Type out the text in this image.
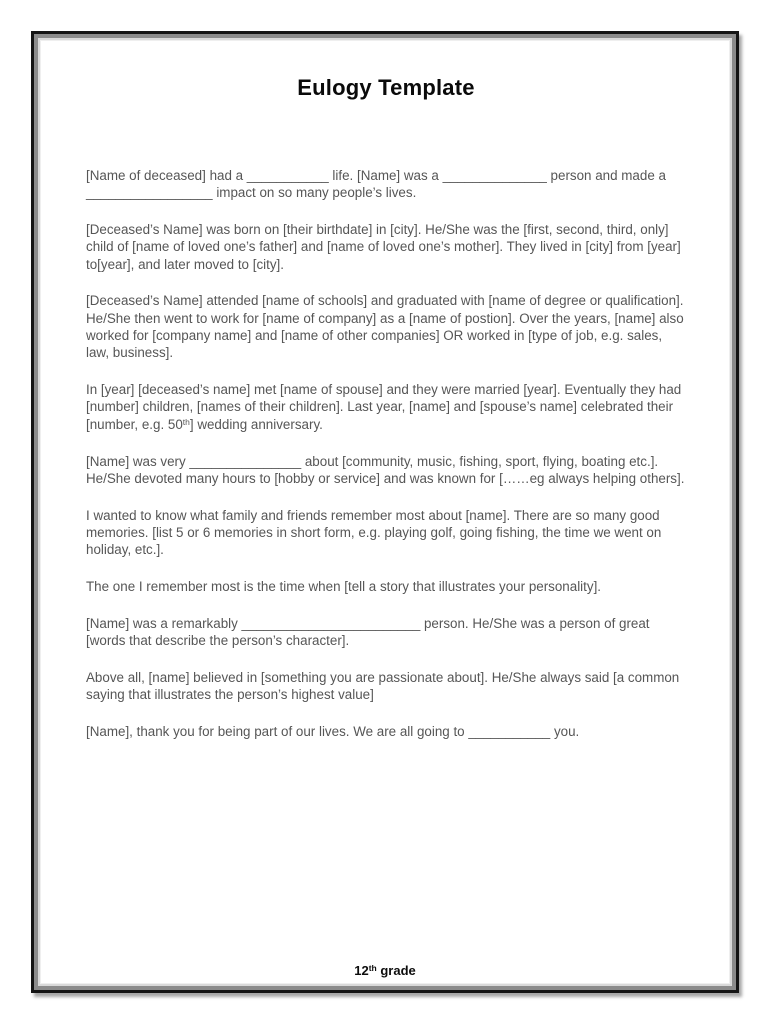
Eulogy Template

[Name of deceased] had a ___________ life. [Name] was a ______________ person and made a _________________ impact on so many people’s lives.

[Deceased’s Name] was born on [their birthdate] in [city]. He/She was the [first, second, third, only] child of [name of loved one’s father] and [name of loved one’s mother]. They lived in [city] from [year] to[year], and later moved to [city].

[Deceased’s Name] attended [name of schools] and graduated with [name of degree or qualification]. He/She then went to work for [name of company] as a [name of postion]. Over the years, [name] also worked for [company name] and [name of other companies] OR worked in [type of job, e.g. sales, law, business].

In [year] [deceased’s name] met [name of spouse] and they were married [year]. Eventually they had [number] children, [names of their children]. Last year, [name] and [spouse’s name] celebrated their [number, e.g. 50th] wedding anniversary.

[Name] was very _______________ about [community, music, fishing, sport, flying, boating etc.]. He/She devoted many hours to [hobby or service] and was known for [……eg always helping others].

I wanted to know what family and friends remember most about [name]. There are so many good memories. [list 5 or 6 memories in short form, e.g. playing golf, going fishing, the time we went on holiday, etc.].

The one I remember most is the time when [tell a story that illustrates your personality].

[Name] was a remarkably ________________________ person. He/She was a person of great [words that describe the person’s character].

Above all, [name] believed in [something you are passionate about]. He/She always said [a common saying that illustrates the person’s highest value]

[Name], thank you for being part of our lives. We are all going to ___________ you.

12th grade
